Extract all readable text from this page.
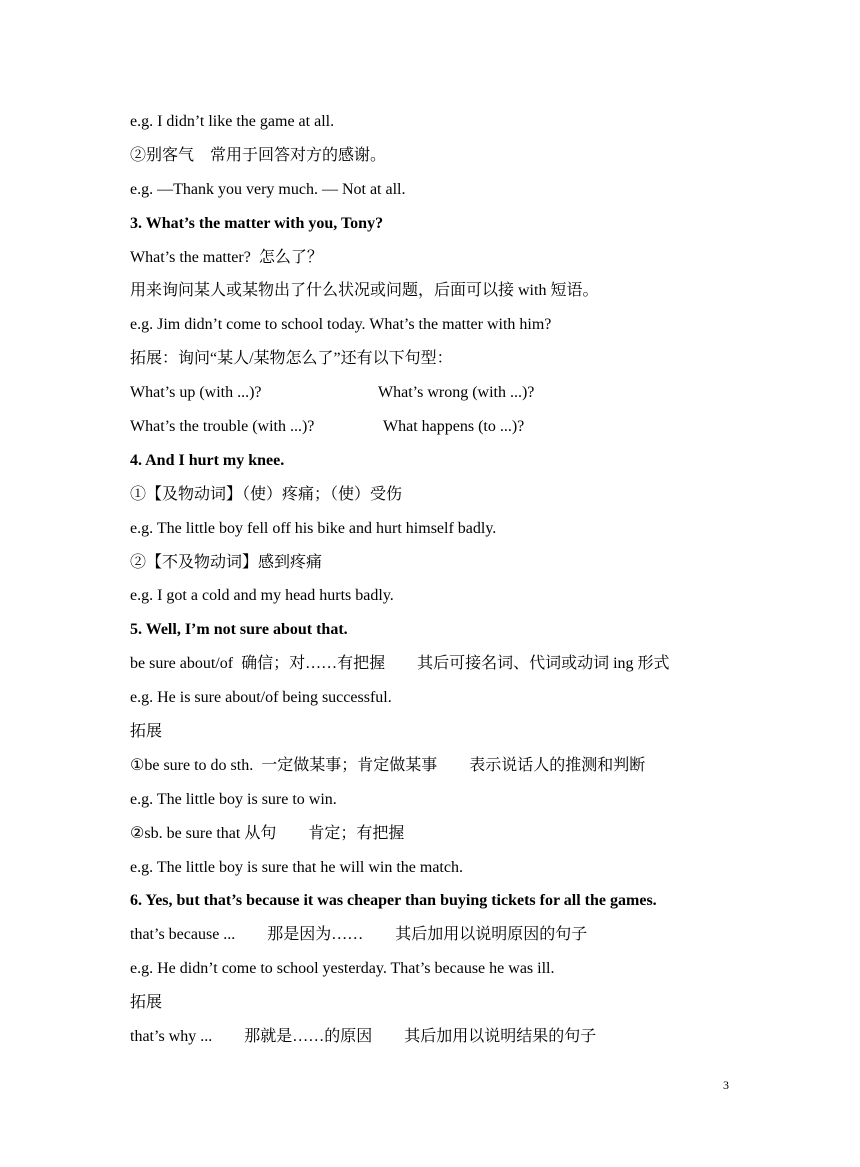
e.g. I didn’t like the game at all.
②别客气　常用于回答对方的感谢。
e.g. —Thank you very much. — Not at all.
3. What’s the matter with you, Tony?
What’s the matter?  怎么了？
用来询问某人或某物出了什么状况或问题，后面可以接 with 短语。
e.g. Jim didn’t come to school today. What’s the matter with him?
拓展：询问“某人/某物怎么了”还有以下句型：
What’s up (with ...)?	What’s wrong (with ...)?
What’s the trouble (with ...)?	What happens (to ...)?
4. And I hurt my knee.
①【及物动词】（使）疼痛；（使）受伤
e.g. The little boy fell off his bike and hurt himself badly.
②【不及物动词】感到疼痛
e.g. I got a cold and my head hurts badly.
5. Well, I’m not sure about that.
be sure about/of  确信；对……有把握　　其后可接名词、代词或动词 ing 形式
e.g. He is sure about/of being successful.
拓展
①be sure to do sth.  一定做某事；肯定做某事　　表示说话人的推测和判断
e.g. The little boy is sure to win.
②sb. be sure that 从句　　肯定；有把握
e.g. The little boy is sure that he will win the match.
6. Yes, but that’s because it was cheaper than buying tickets for all the games.
that’s because ...　　那是因为……　　其后加用以说明原因的句子
e.g. He didn’t come to school yesterday. That’s because he was ill.
拓展
that’s why ...　　那就是……的原因　　其后加用以说明结果的句子
3
